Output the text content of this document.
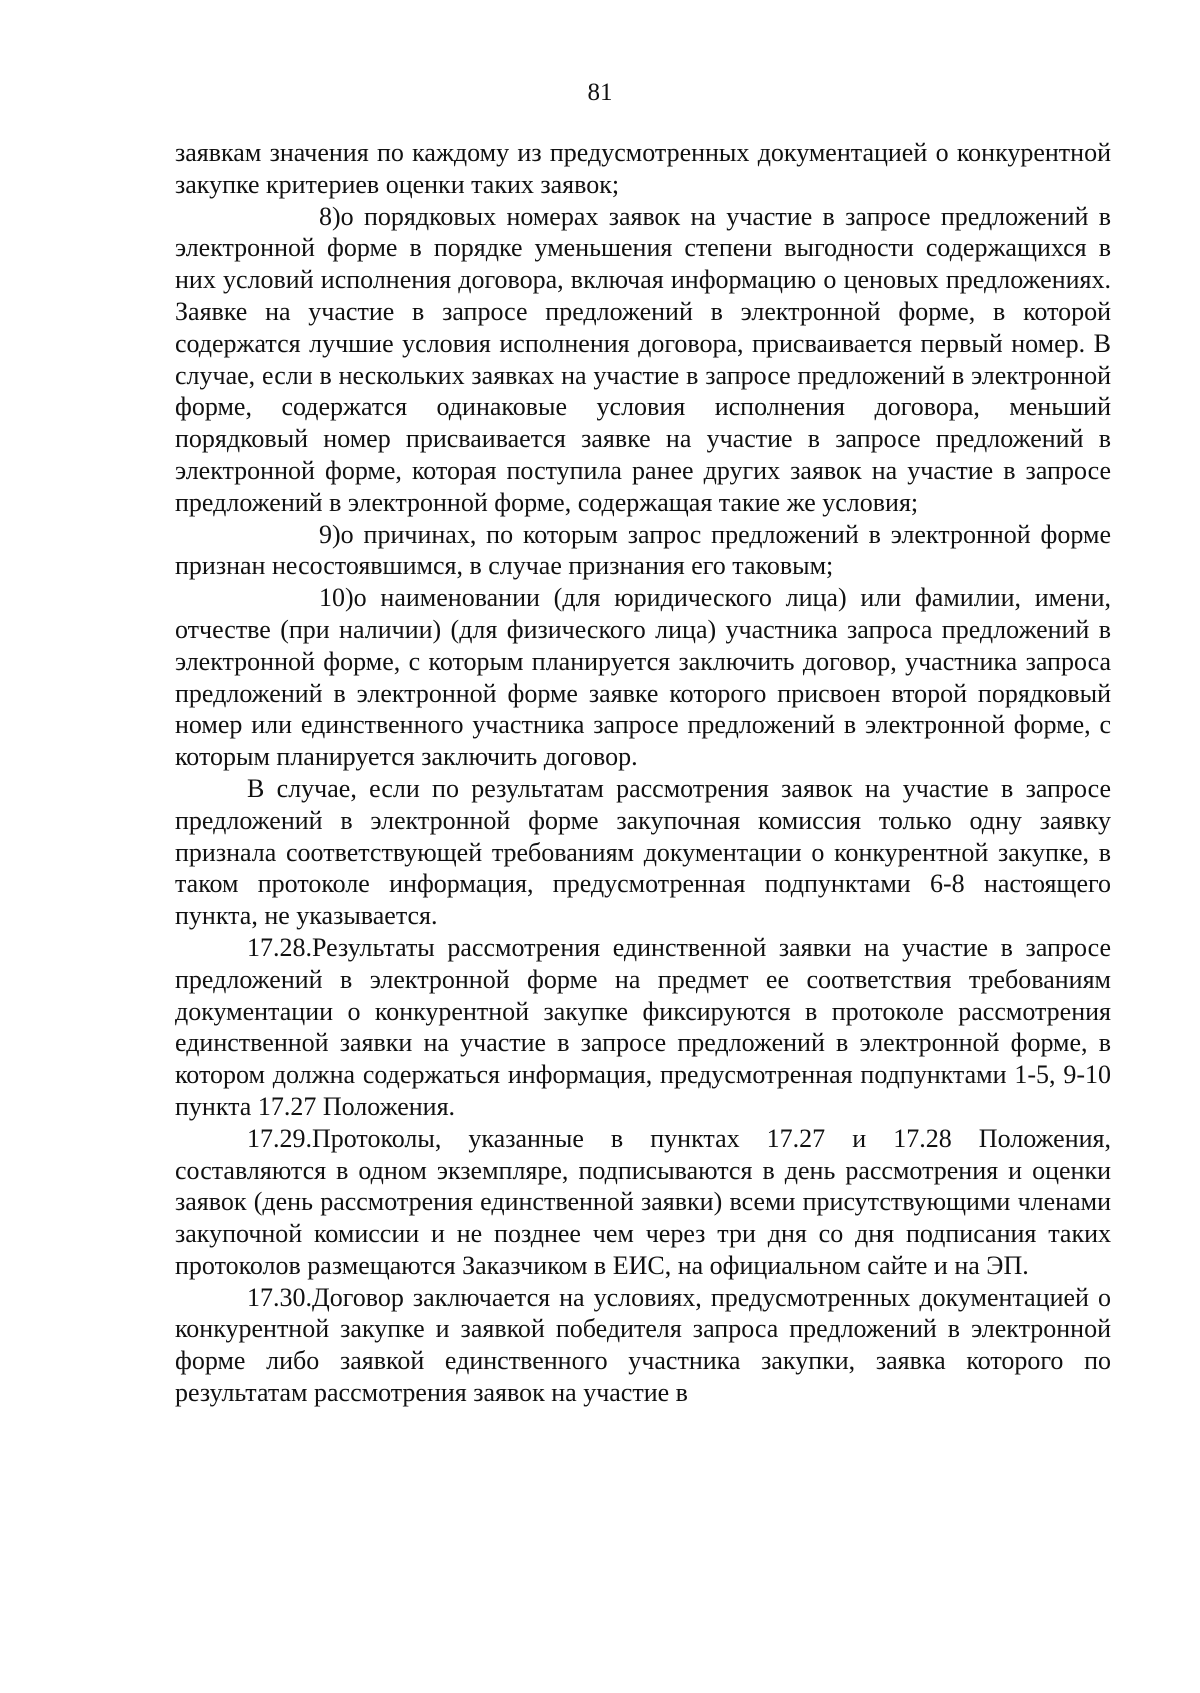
81

заявкам значения по каждому из предусмотренных документацией о конкурентной закупке критериев оценки таких заявок;

8)о порядковых номерах заявок на участие в запросе предложений в электронной форме в порядке уменьшения степени выгодности содержащихся в них условий исполнения договора, включая информацию о ценовых предложениях. Заявке на участие в запросе предложений в электронной форме, в которой содержатся лучшие условия исполнения договора, присваивается первый номер. В случае, если в нескольких заявках на участие в запросе предложений в электронной форме, содержатся одинаковые условия исполнения договора, меньший порядковый номер присваивается заявке на участие в запросе предложений в электронной форме, которая поступила ранее других заявок на участие в запросе предложений в электронной форме, содержащая такие же условия;

9)о причинах, по которым запрос предложений в электронной форме признан несостоявшимся, в случае признания его таковым;

10)о наименовании (для юридического лица) или фамилии, имени, отчестве (при наличии) (для физического лица) участника запроса предложений в электронной форме, с которым планируется заключить договор, участника запроса предложений в электронной форме заявке которого присвоен второй порядковый номер или единственного участника запросе предложений в электронной форме, с которым планируется заключить договор.

В случае, если по результатам рассмотрения заявок на участие в запросе предложений в электронной форме закупочная комиссия только одну заявку признала соответствующей требованиям документации о конкурентной закупке, в таком протоколе информация, предусмотренная подпунктами 6-8 настоящего пункта, не указывается.

17.28.Результаты рассмотрения единственной заявки на участие в запросе предложений в электронной форме на предмет ее соответствия требованиям документации о конкурентной закупке фиксируются в протоколе рассмотрения единственной заявки на участие в запросе предложений в электронной форме, в котором должна содержаться информация, предусмотренная подпунктами 1-5, 9-10 пункта 17.27 Положения.

17.29.Протоколы, указанные в пунктах 17.27 и 17.28 Положения, составляются в одном экземпляре, подписываются в день рассмотрения и оценки заявок (день рассмотрения единственной заявки) всеми присутствующими членами закупочной комиссии и не позднее чем через три дня со дня подписания таких протоколов размещаются Заказчиком в ЕИС, на официальном сайте и на ЭП.

17.30.Договор заключается на условиях, предусмотренных документацией о конкурентной закупке и заявкой победителя запроса предложений в электронной форме либо заявкой единственного участника закупки, заявка которого по результатам рассмотрения заявок на участие в
